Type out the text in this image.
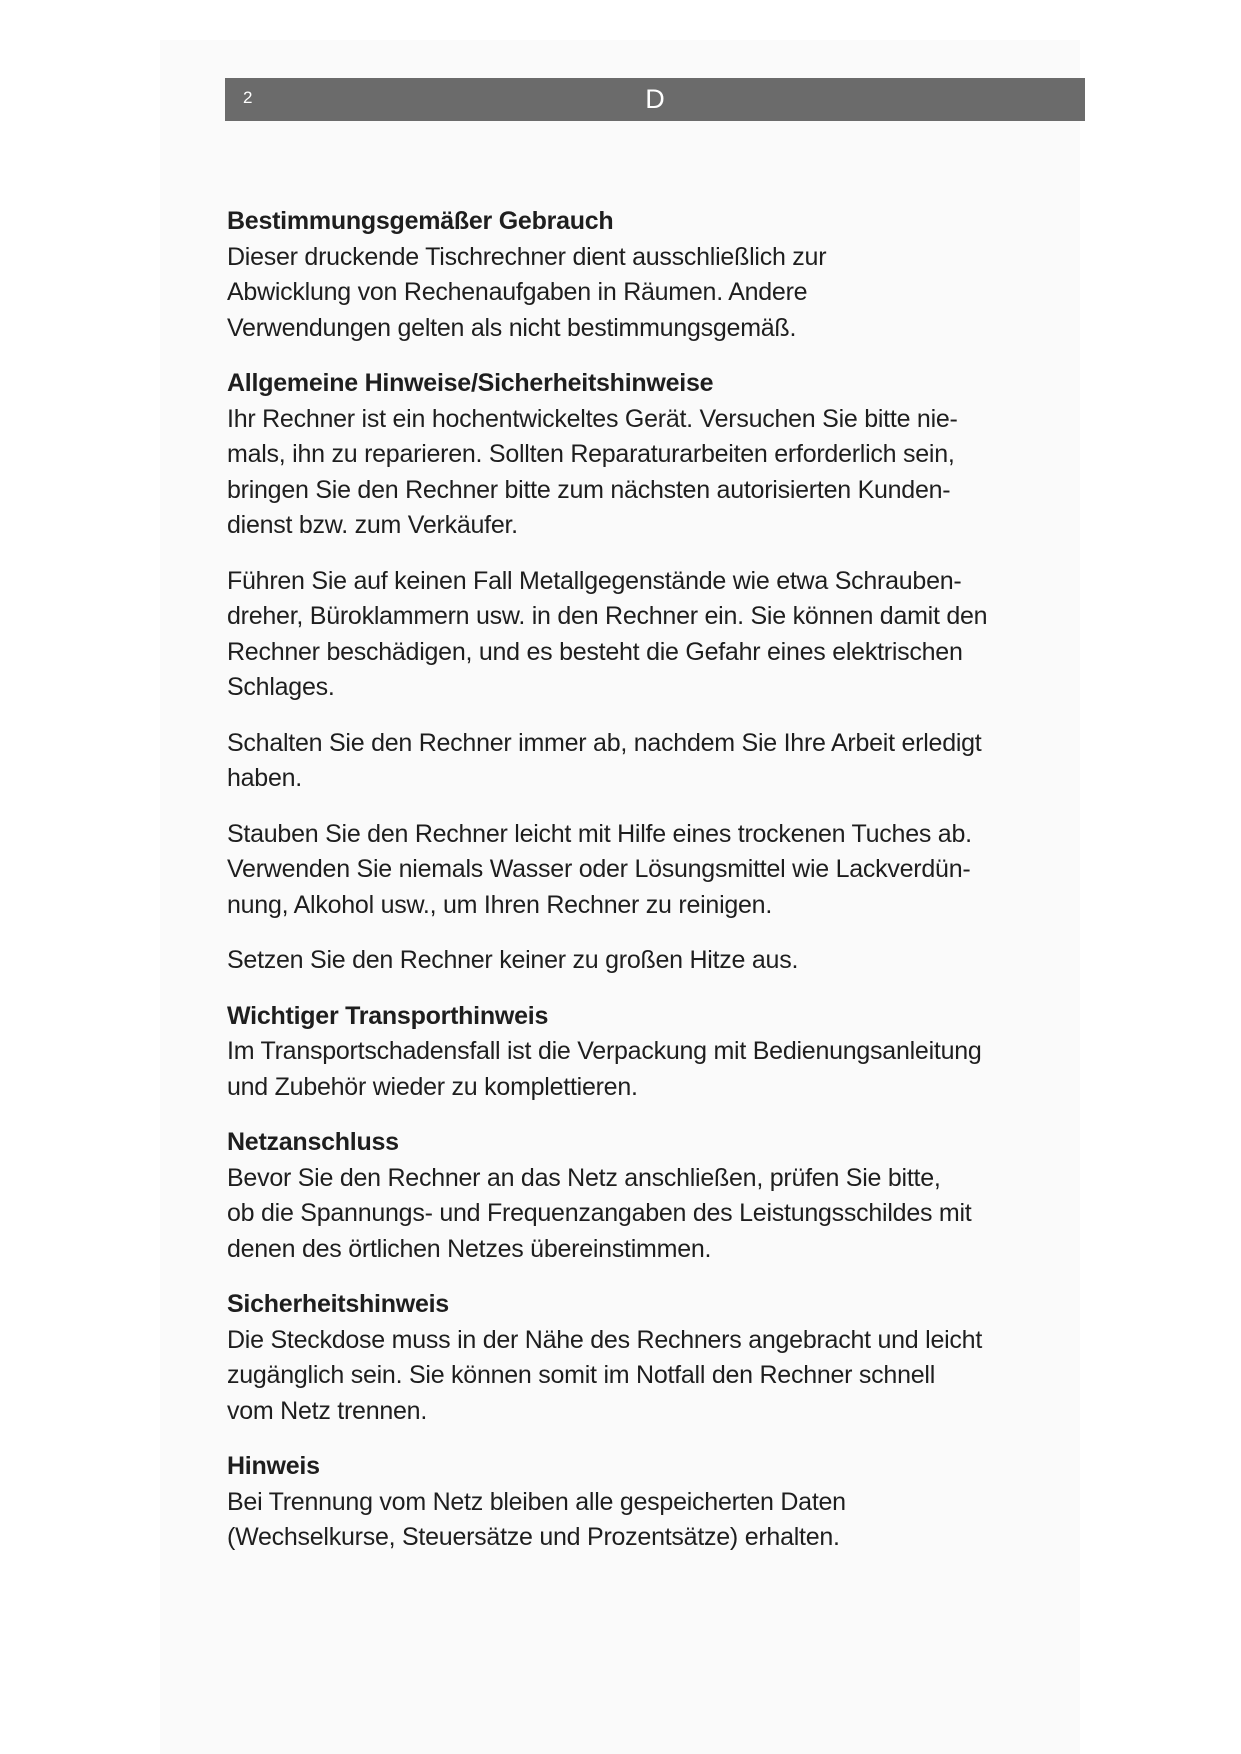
2	D
Bestimmungsgemäßer Gebrauch
Dieser druckende Tischrechner dient ausschließlich zur
Abwicklung von Rechenaufgaben in Räumen. Andere
Verwendungen gelten als nicht bestimmungsgemäß.
Allgemeine Hinweise/Sicherheitshinweise
Ihr Rechner ist ein hochentwickeltes Gerät. Versuchen Sie bitte nie-
mals, ihn zu reparieren. Sollten Reparaturarbeiten erforderlich sein,
bringen Sie den Rechner bitte zum nächsten autorisierten Kunden-
dienst bzw. zum Verkäufer.
Führen Sie auf keinen Fall Metallgegenstände wie etwa Schrauben-
dreher, Büroklammern usw. in den Rechner ein. Sie können damit den
Rechner beschädigen, und es besteht die Gefahr eines elektrischen
Schlages.
Schalten Sie den Rechner immer ab, nachdem Sie Ihre Arbeit erledigt
haben.
Stauben Sie den Rechner leicht mit Hilfe eines trockenen Tuches ab.
Verwenden Sie niemals Wasser oder Lösungsmittel wie Lackverdün-
nung, Alkohol usw., um Ihren Rechner zu reinigen.
Setzen Sie den Rechner keiner zu großen Hitze aus.
Wichtiger Transporthinweis
Im Transportschadensfall ist die Verpackung mit Bedienungsanleitung
und Zubehör wieder zu komplettieren.
Netzanschluss
Bevor Sie den Rechner an das Netz anschließen, prüfen Sie bitte,
ob die Spannungs- und Frequenzangaben des Leistungsschildes mit
denen des örtlichen Netzes übereinstimmen.
Sicherheitshinweis
Die Steckdose muss in der Nähe des Rechners angebracht und leicht
zugänglich sein. Sie können somit im Notfall den Rechner schnell
vom Netz trennen.
Hinweis
Bei Trennung vom Netz bleiben alle gespeicherten Daten
(Wechselkurse, Steuersätze und Prozentsätze) erhalten.
